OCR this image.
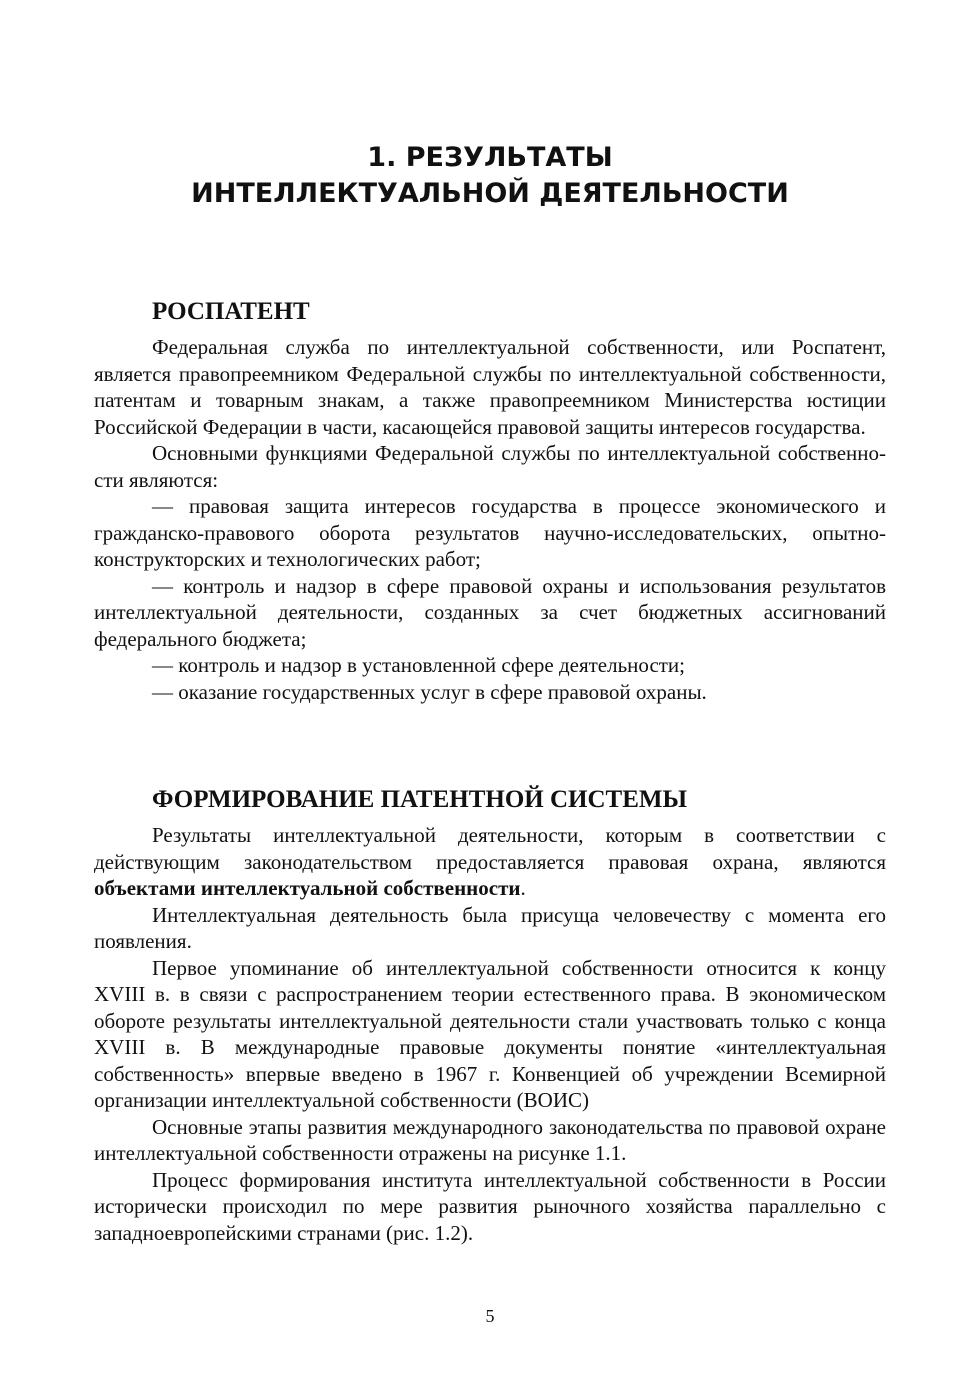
1. РЕЗУЛЬТАТЫ
ИНТЕЛЛЕКТУАЛЬНОЙ ДЕЯТЕЛЬНОСТИ
РОСПАТЕНТ

Федеральная служба по интеллектуальной собственности, или Роспатент, является правопреемником Федеральной службы по интеллектуальной собственности, патентам и товарным знакам, а также правопреемником Министерства юстиции Российской Федерации в части, касающейся правовой защиты интересов государства.

Основными функциями Федеральной службы по интеллектуальной собственности являются:

— правовая защита интересов государства в процессе экономического и гражданско-правового оборота результатов научно-исследовательских, опытно-конструкторских и технологических работ;

— контроль и надзор в сфере правовой охраны и использования результатов интеллектуальной деятельности, созданных за счет бюджетных ассигнований федерального бюджета;

— контроль и надзор в установленной сфере деятельности;

— оказание государственных услуг в сфере правовой охраны.

ФОРМИРОВАНИЕ ПАТЕНТНОЙ СИСТЕМЫ

Результаты интеллектуальной деятельности, которым в соответствии с действующим законодательством предоставляется правовая охрана, являются объектами интеллектуальной собственности.

Интеллектуальная деятельность была присуща человечеству с момента его появления.

Первое упоминание об интеллектуальной собственности относится к концу XVIII в. в связи с распространением теории естественного права. В экономическом обороте результаты интеллектуальной деятельности стали участвовать только с конца XVIII в. В международные правовые документы понятие «интеллектуальная собственность» впервые введено в 1967 г. Конвенцией об учреждении Всемирной организации интеллектуальной собственности (ВОИС)

Основные этапы развития международного законодательства по правовой охране интеллектуальной собственности отражены на рисунке 1.1.

Процесс формирования института интеллектуальной собственности в России исторически происходил по мере развития рыночного хозяйства параллельно с западноевропейскими странами (рис. 1.2).

5
